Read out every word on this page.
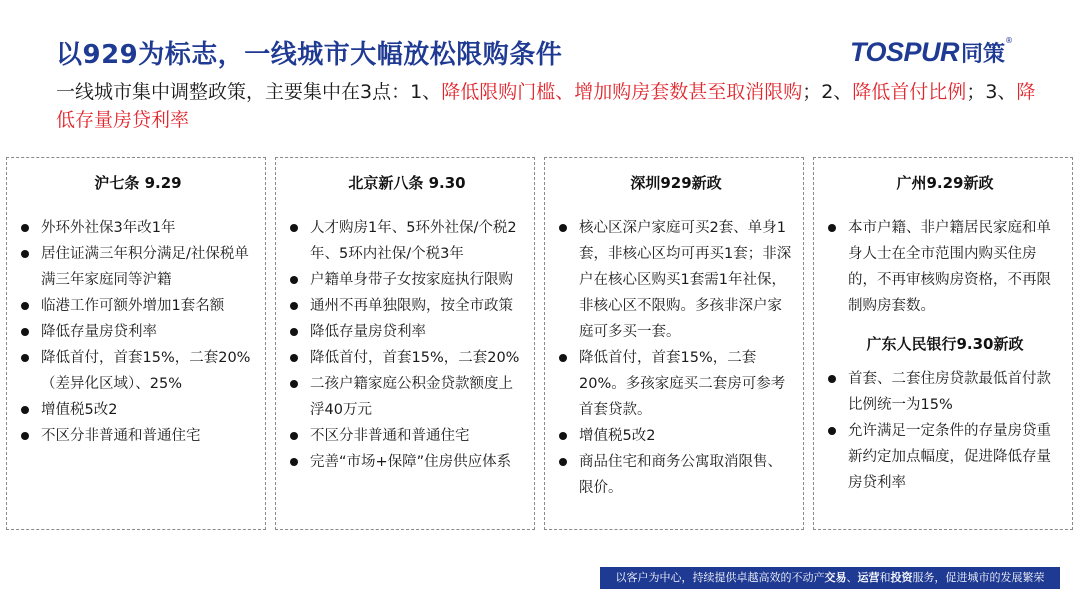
以929为标志，一线城市大幅放松限购条件	TOSPUR 同策
®
一线城市集中调整政策，主要集中在3点：1、降低限购门槛、增加购房套数甚至取消限购；2、降低首付比例；3、降低存量房贷利率
沪七条 9.29
外环外社保3年改1年
居住证满三年积分满足/社保税单满三年家庭同等沪籍
临港工作可额外增加1套名额
降低存量房贷利率
降低首付，首套15%，二套20%（差异化区域）、25%
增值税5改2
不区分非普通和普通住宅
北京新八条 9.30
人才购房1年、5环外社保/个税2年、5环内社保/个税3年
户籍单身带子女按家庭执行限购
通州不再单独限购，按全市政策
降低存量房贷利率
降低首付，首套15%，二套20%
二孩户籍家庭公积金贷款额度上浮40万元
不区分非普通和普通住宅
完善“市场+保障”住房供应体系
深圳929新政
核心区深户家庭可买2套、单身1套，非核心区均可再买1套；非深户在核心区购买1套需1年社保，非核心区不限购。多孩非深户家庭可多买一套。
降低首付，首套15%，二套20%。多孩家庭买二套房可参考首套贷款。
增值税5改2
商品住宅和商务公寓取消限售、限价。
广州9.29新政
本市户籍、非户籍居民家庭和单身人士在全市范围内购买住房的，不再审核购房资格，不再限制购房套数。
广东人民银行9.30新政
首套、二套住房贷款最低首付款比例统一为15%
允许满足一定条件的存量房贷重新约定加点幅度，促进降低存量房贷利率
以客户为中心，持续提供卓越高效的不动产交易、运营和投资服务，促进城市的发展繁荣
